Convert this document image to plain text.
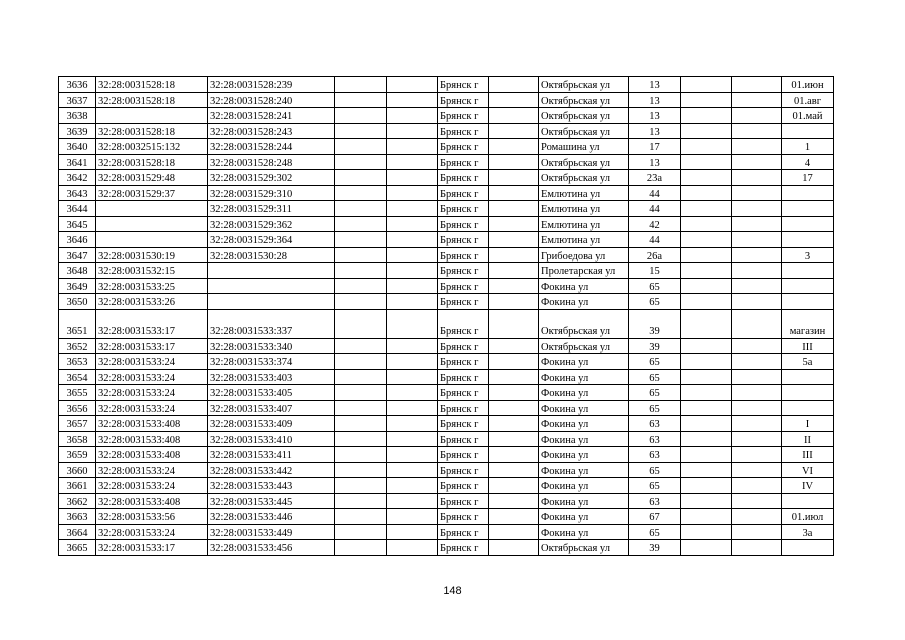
3636	32:28:0031528:18	32:28:0031528:239			Брянск г		Октябрьская ул	13			01.июн
3637	32:28:0031528:18	32:28:0031528:240			Брянск г		Октябрьская ул	13			01.авг
3638		32:28:0031528:241			Брянск г		Октябрьская ул	13			01.май
3639	32:28:0031528:18	32:28:0031528:243			Брянск г		Октябрьская ул	13			
3640	32:28:0032515:132	32:28:0031528:244			Брянск г		Ромашина ул	17			1
3641	32:28:0031528:18	32:28:0031528:248			Брянск г		Октябрьская ул	13			4
3642	32:28:0031529:48	32:28:0031529:302			Брянск г		Октябрьская ул	23а			17
3643	32:28:0031529:37	32:28:0031529:310			Брянск г		Емлютина ул	44			
3644		32:28:0031529:311			Брянск г		Емлютина ул	44			
3645		32:28:0031529:362			Брянск г		Емлютина ул	42			
3646		32:28:0031529:364			Брянск г		Емлютина ул	44			
3647	32:28:0031530:19	32:28:0031530:28			Брянск г		Грибоедова ул	26а			3
3648	32:28:0031532:15				Брянск г		Пролетарская ул	15			
3649	32:28:0031533:25				Брянск г		Фокина ул	65			
3650	32:28:0031533:26				Брянск г		Фокина ул	65			
3651	32:28:0031533:17	32:28:0031533:337			Брянск г		Октябрьская ул	39			магазин
3652	32:28:0031533:17	32:28:0031533:340			Брянск г		Октябрьская ул	39			III
3653	32:28:0031533:24	32:28:0031533:374			Брянск г		Фокина ул	65			5а
3654	32:28:0031533:24	32:28:0031533:403			Брянск г		Фокина ул	65			
3655	32:28:0031533:24	32:28:0031533:405			Брянск г		Фокина ул	65			
3656	32:28:0031533:24	32:28:0031533:407			Брянск г		Фокина ул	65			
3657	32:28:0031533:408	32:28:0031533:409			Брянск г		Фокина ул	63			I
3658	32:28:0031533:408	32:28:0031533:410			Брянск г		Фокина ул	63			II
3659	32:28:0031533:408	32:28:0031533:411			Брянск г		Фокина ул	63			III
3660	32:28:0031533:24	32:28:0031533:442			Брянск г		Фокина ул	65			VI
3661	32:28:0031533:24	32:28:0031533:443			Брянск г		Фокина ул	65			IV
3662	32:28:0031533:408	32:28:0031533:445			Брянск г		Фокина ул	63			
3663	32:28:0031533:56	32:28:0031533:446			Брянск г		Фокина ул	67			01.июл
3664	32:28:0031533:24	32:28:0031533:449			Брянск г		Фокина ул	65			3а
3665	32:28:0031533:17	32:28:0031533:456			Брянск г		Октябрьская ул	39			
148
